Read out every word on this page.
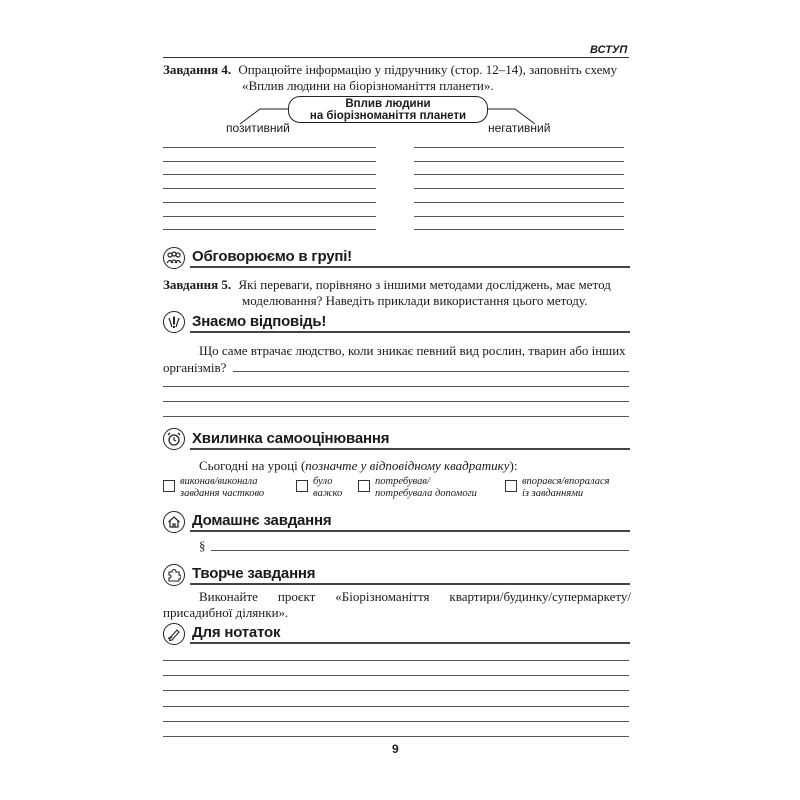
ВСТУП
Завдання 4. Опрацюйте інформацію у підручнику (стор. 12–14), заповніть схему
«Вплив людини на біорізноманіття планети».
Вплив людини
на біорізноманіття планети
позитивний	негативний
Обговорюємо в групі!
Завдання 5. Які переваги, порівняно з іншими методами досліджень, має метод
моделювання? Наведіть приклади використання цього методу.
Знаємо відповідь!
Що саме втрачає людство, коли зникає певний вид рослин, тварин або інших
організмів?
Хвилинка самооцінювання
Сьогодні на уроці (позначте у відповідному квадратику):
виконав/виконала
завдання частково
було
важко
потребував/
потребувала допомоги
впорався/впоралася
із завданнями
Домашнє завдання
§
Творче завдання
Виконайте проєкт «Біорізноманіття квартири/будинку/супермаркету/
присадибної ділянки».
Для нотаток
9
